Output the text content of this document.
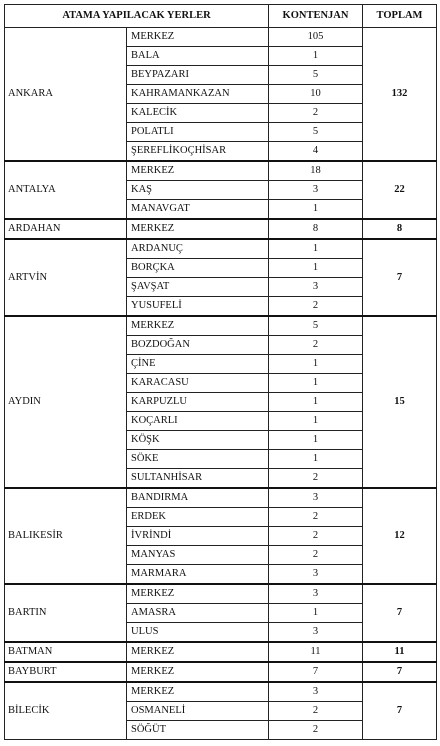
ATAMA YAPILACAK YERLER		KONTENJAN	TOPLAM
ANKARA	MERKEZ	105	132
	BALA	1	
	BEYPAZARI	5	
	KAHRAMANKAZAN	10	
	KALECİK	2	
	POLATLI	5	
	ŞEREFLİKOÇHİSAR	4	
ANTALYA	MERKEZ	18	22
	KAŞ	3	
	MANAVGAT	1	
ARDAHAN	MERKEZ	8	8
ARTVİN	ARDANUÇ	1	7
	BORÇKA	1	
	ŞAVŞAT	3	
	YUSUFELİ	2	
AYDIN	MERKEZ	5	15
	BOZDOĞAN	2	
	ÇİNE	1	
	KARACASU	1	
	KARPUZLU	1	
	KOÇARLI	1	
	KÖŞK	1	
	SÖKE	1	
	SULTANHİSAR	2	
BALIKESİR	BANDIRMA	3	12
	ERDEK	2	
	İVRİNDİ	2	
	MANYAS	2	
	MARMARA	3	
BARTIN	MERKEZ	3	7
	AMASRA	1	
	ULUS	3	
BATMAN	MERKEZ	11	11
BAYBURT	MERKEZ	7	7
BİLECİK	MERKEZ	3	7
	OSMANELİ	2	
	SÖĞÜT	2	
